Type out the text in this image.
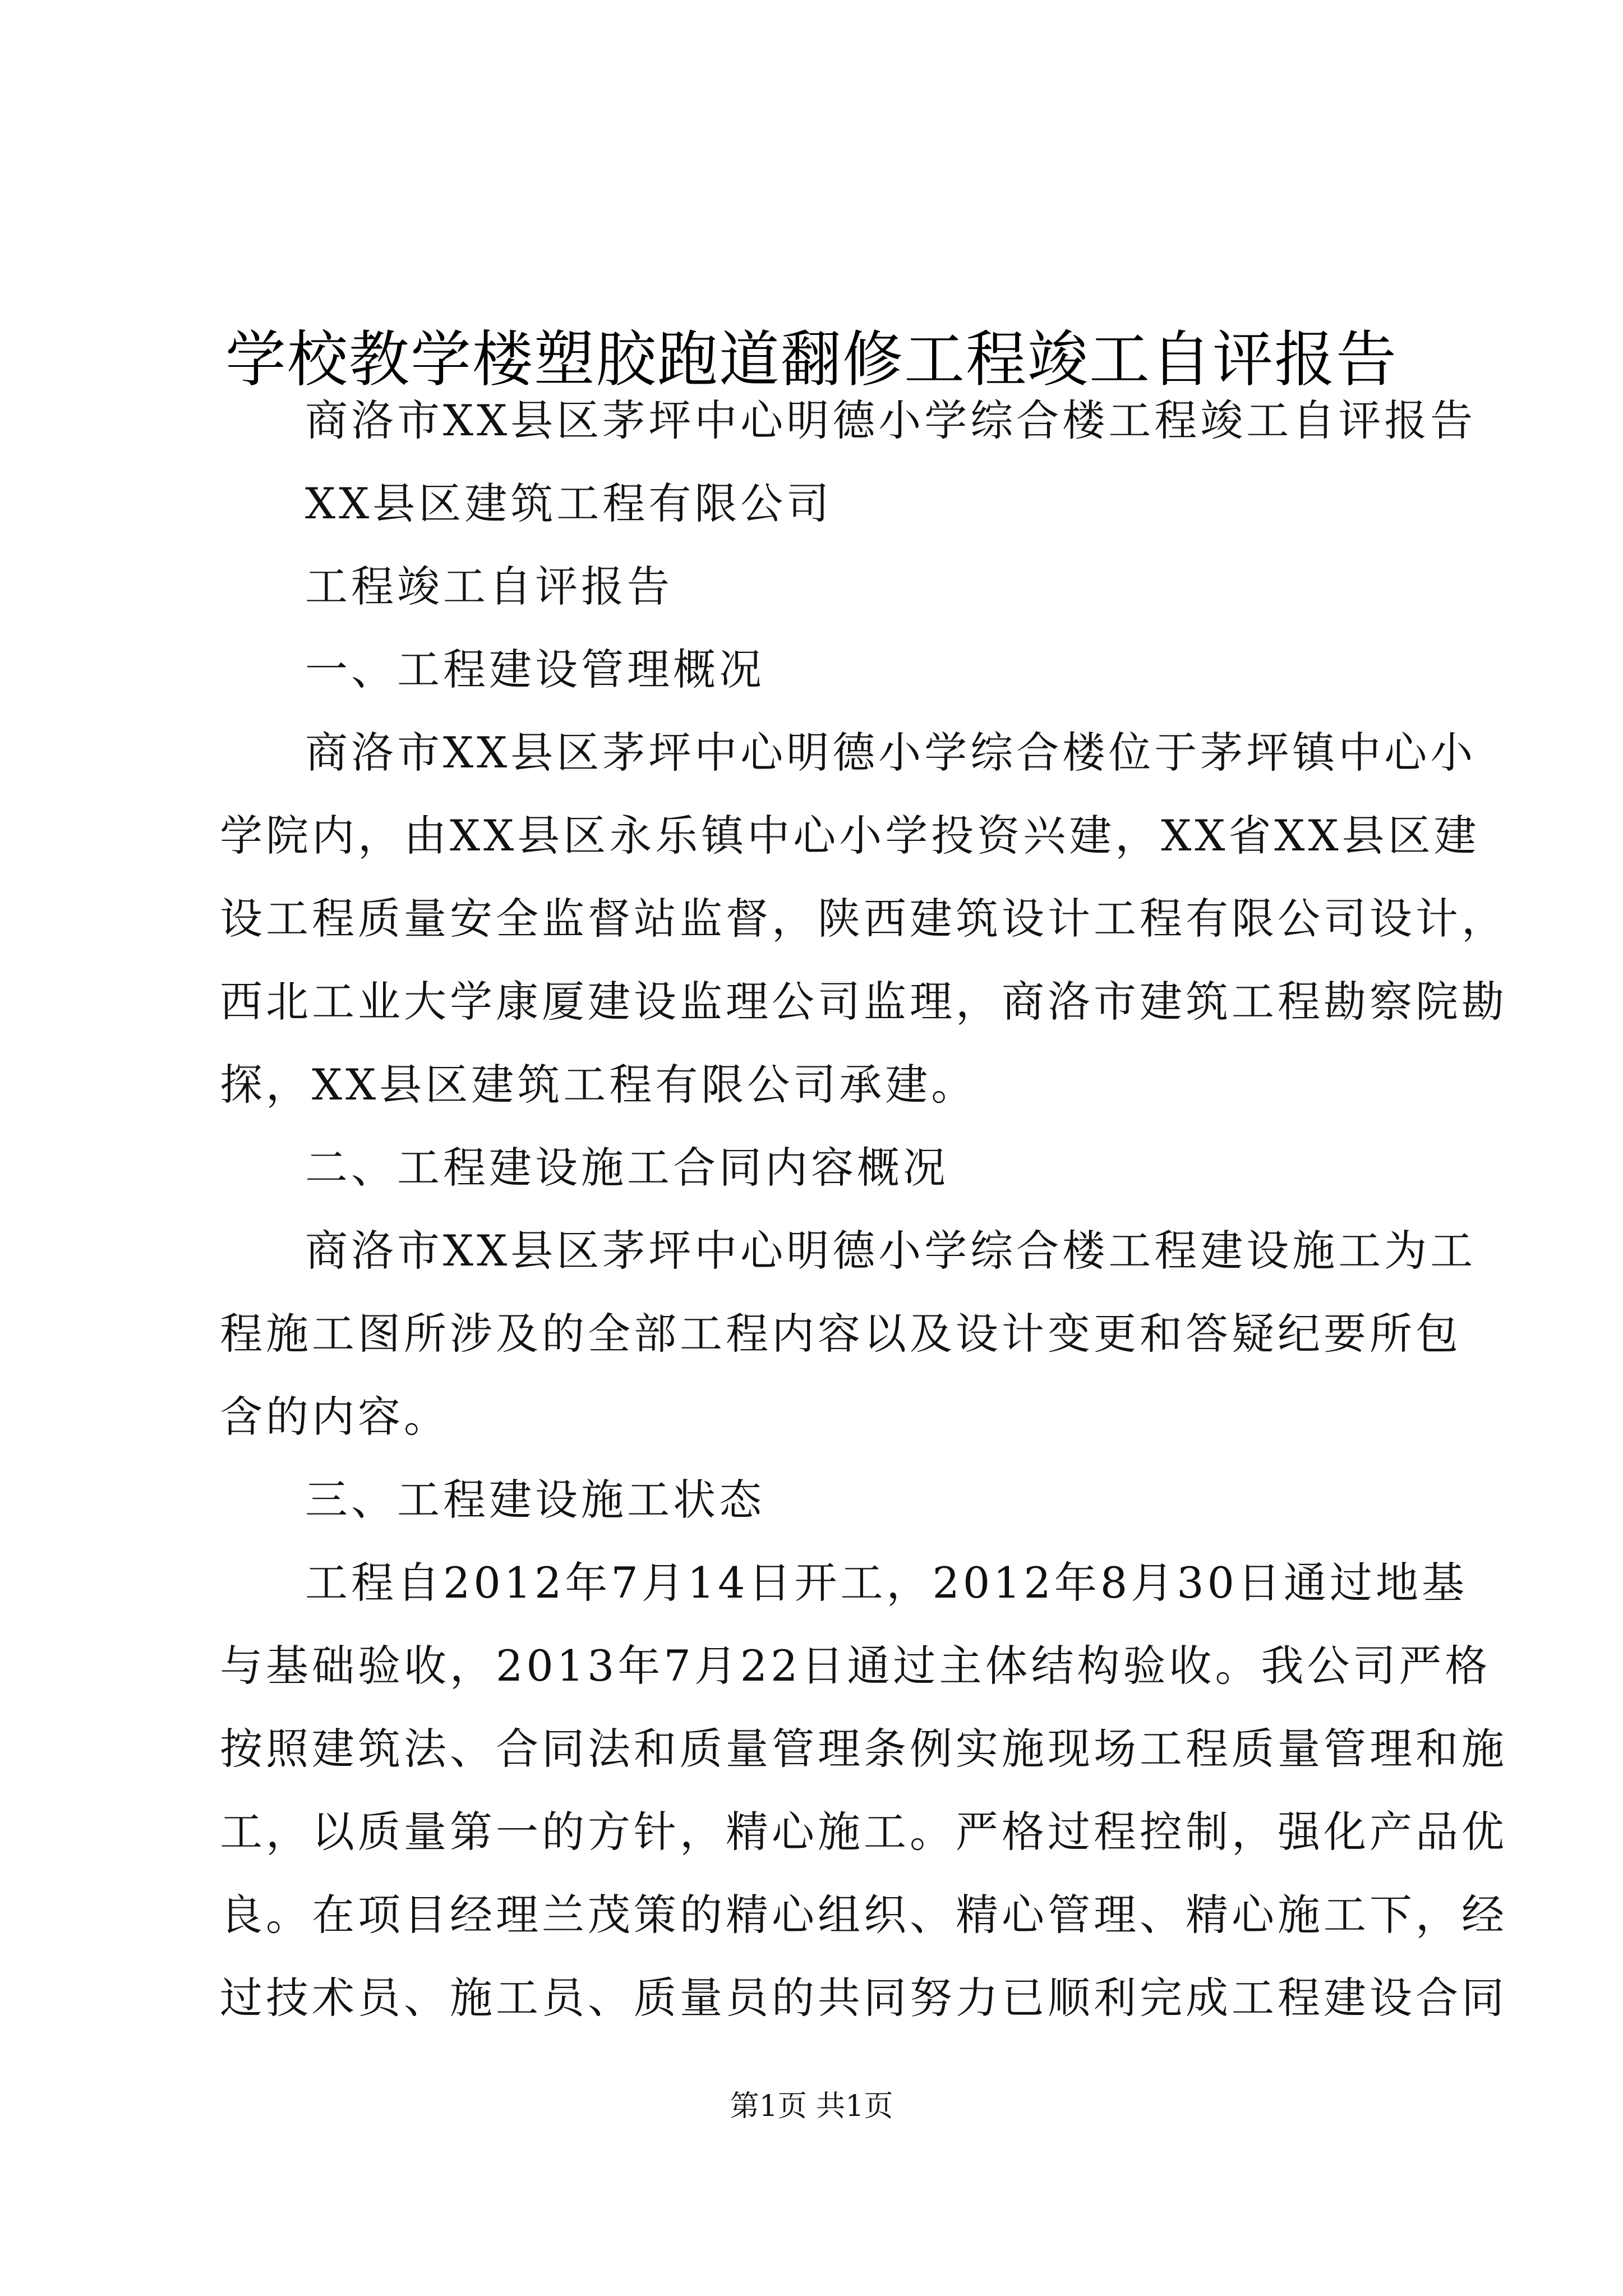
学校教学楼塑胶跑道翻修工程竣工自评报告
商洛市XX县区茅坪中心明德小学综合楼工程竣工自评报告
XX县区建筑工程有限公司
工程竣工自评报告
一、工程建设管理概况
商洛市XX县区茅坪中心明德小学综合楼位于茅坪镇中心小
学院内，由XX县区永乐镇中心小学投资兴建，XX省XX县区建
设工程质量安全监督站监督，陕西建筑设计工程有限公司设计，
西北工业大学康厦建设监理公司监理，商洛市建筑工程勘察院勘
探，XX县区建筑工程有限公司承建。
二、工程建设施工合同内容概况
商洛市XX县区茅坪中心明德小学综合楼工程建设施工为工
程施工图所涉及的全部工程内容以及设计变更和答疑纪要所包
含的内容。
三、工程建设施工状态
工程自2012年7月14日开工，2012年8月30日通过地基
与基础验收，2013年7月22日通过主体结构验收。我公司严格
按照建筑法、合同法和质量管理条例实施现场工程质量管理和施
工，以质量第一的方针，精心施工。严格过程控制，强化产品优
良。在项目经理兰茂策的精心组织、精心管理、精心施工下，经
过技术员、施工员、质量员的共同努力已顺利完成工程建设合同
第1页 共1页
